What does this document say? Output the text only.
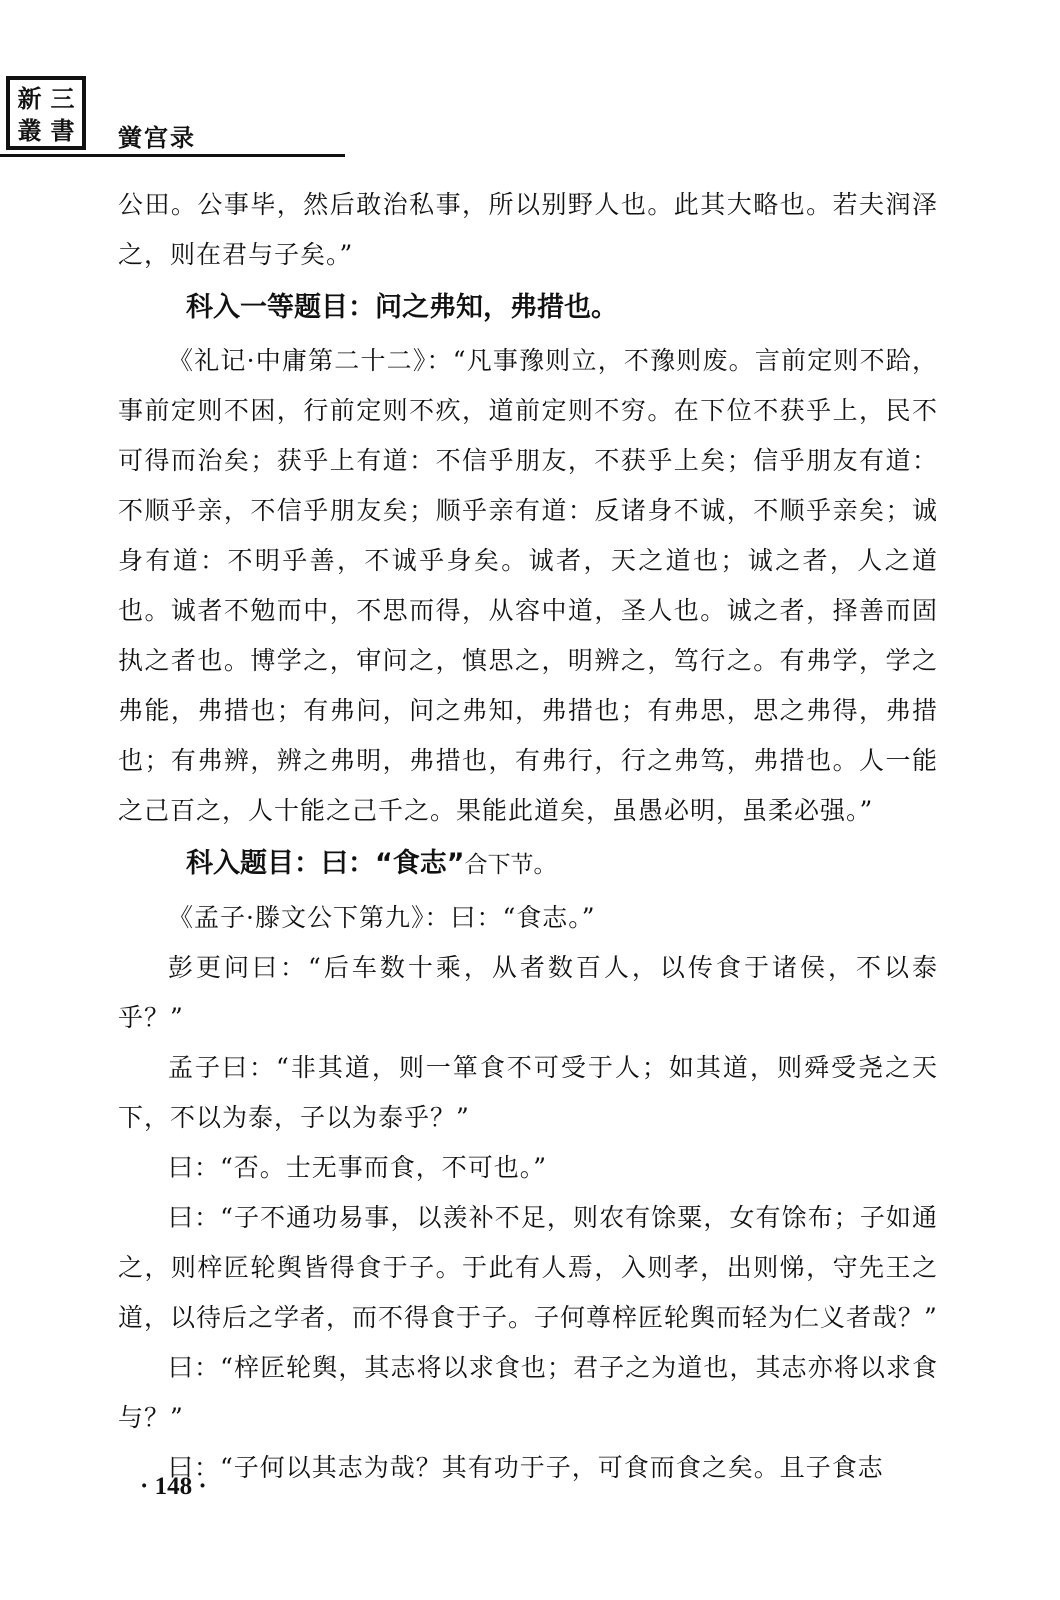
新 三
叢 書 黉宫录

公田。公事毕，然后敢治私事，所以别野人也。此其大略也。若夫润泽之，则在君与子矣。”

科入一等题目：问之弗知，弗措也。

《礼记·中庸第二十二》：“凡事豫则立，不豫则废。言前定则不跲，事前定则不困，行前定则不疚，道前定则不穷。在下位不获乎上，民不可得而治矣；获乎上有道：不信乎朋友，不获乎上矣；信乎朋友有道：不顺乎亲，不信乎朋友矣；顺乎亲有道：反诸身不诚，不顺乎亲矣；诚身有道：不明乎善，不诚乎身矣。诚者，天之道也；诚之者，人之道也。诚者不勉而中，不思而得，从容中道，圣人也。诚之者，择善而固执之者也。博学之，审问之，慎思之，明辨之，笃行之。有弗学，学之弗能，弗措也；有弗问，问之弗知，弗措也；有弗思，思之弗得，弗措也；有弗辨，辨之弗明，弗措也，有弗行，行之弗笃，弗措也。人一能之己百之，人十能之己千之。果能此道矣，虽愚必明，虽柔必强。”

科入题目：曰：“食志”合下节。

《孟子·滕文公下第九》：曰：“食志。”

彭更问曰：“后车数十乘，从者数百人，以传食于诸侯，不以泰乎？”

孟子曰：“非其道，则一箪食不可受于人；如其道，则舜受尧之天下，不以为泰，子以为泰乎？”

曰：“否。士无事而食，不可也。”

曰：“子不通功易事，以羡补不足，则农有馀粟，女有馀布；子如通之，则梓匠轮舆皆得食于子。于此有人焉，入则孝，出则悌，守先王之道，以待后之学者，而不得食于子。子何尊梓匠轮舆而轻为仁义者哉？”

曰：“梓匠轮舆，其志将以求食也；君子之为道也，其志亦将以求食与？”

曰：“子何以其志为哉？其有功于子，可食而食之矣。且子食志

· 148 ·
